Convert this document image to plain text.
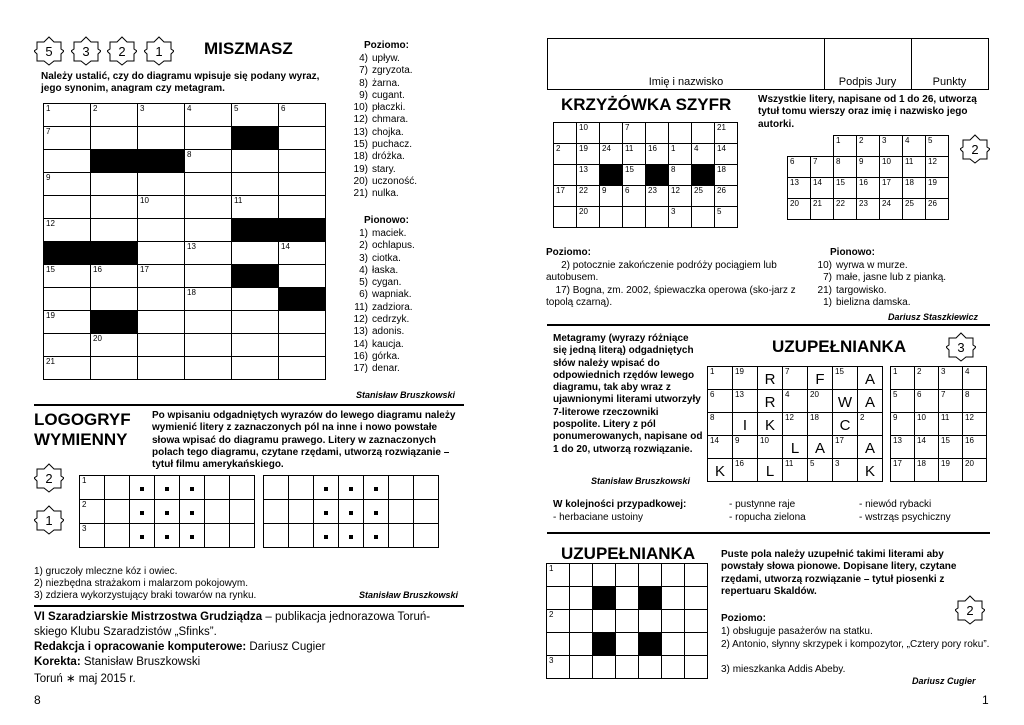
5	3	2	1	MISZMASZ
Należy ustalić, czy do diagramu wpisuje się podany wyraz, jego synonim, anagram czy metagram.
1	2	3	4	5	6

7					

			8		

9					

		10		11	

12					

			13		14

15	16	17			

			18		

19					

	20				

21					

Poziomo:
4) upływ.
7) zgryzota.
8) żarna.
9) cugant.
10) płaczki.
12) chmara.
13) chojka.
15) puchacz.
18) dróżka.
19) stary.
20) uczoność.
21) nulka.
Pionowo:
1) maciek.
2) ochlapus.
3) ciotka.
4) łaska.
5) cygan.
6) wapniak.
11) zadziora.
12) cedrzyk.
13) adonis.
14) kaucja.
16) górka.
17) denar.
Stanisław Bruszkowski
LOGOGRYF
WYMIENNY
Po wpisaniu odgadniętych wyrazów do lewego diagramu należy wymienić litery z zaznaczonych pól na inne i nowo powstałe słowa wpisać do diagramu prawego. Litery w zaznaczonych polach tego diagramu, czytane rzędami, utworzą rozwiązanie – tytuł filmu amerykańskiego.
2
1
1						

2						

3						

1) gruczoły mleczne kóz i owiec.
2) niezbędna strażakom i malarzom pokojowym.
3) zdziera wykorzystujący braki towarów na rynku.	Stanisław Bruszkowski
VI Szaradziarskie Mistrzostwa Grudziądza – publikacja jednorazowa Toruń-
skiego Klubu Szaradzistów „Sfinks”.
Redakcja i opracowanie komputerowe: Dariusz Cugier
Korekta: Stanisław Bruszkowski
Toruń ∗ maj 2015 r.
8
Imię i nazwisko	Podpis Jury	Punkty
KRZYŻÓWKA SZYFR	Wszystkie litery, napisane od 1 do 26, utworzą tytuł tomu wierszy oraz imię i nazwisko jego autorki.
2

	10		7				21

2	19	24	11	16	1	4	14

	13		15		8		18

17	22	9	6	23	12	25	26

	20				3		5

		1	2	3	4	5

6	7	8	9	10	11	12

13	14	15	16	17	18	19

20	21	22	23	24	25	26
Poziomo:
2) potocznie zakończenie podróży pociągiem lub autobusem.
17) Bogna, zm. 2002, śpiewaczka operowa (sko-jarz z topolą czarną).
Pionowo:
10) wyrwa w murze.
7) małe, jasne lub z pianką.
21) targowisko.
1) bielizna damska.
Dariusz Staszkiewicz
Metagramy (wyrazy różniące się jedną literą) odgadniętych słów należy wpisać do odpowiednich rzędów lewego diagramu, tak aby wraz z ujawnionymi literami utworzyły 7-literowe rzeczowniki pospolite. Litery z pól ponumerowanych, napisane od 1 do 20, utworzą rozwiązanie.
Stanisław Bruszkowski
UZUPEŁNIANKA	3
1	19	R	7	F	15	A

6	13	R	4	20	W	A

8	I	K	12	18	C	2

14	9	10	L	A	17	A

K	16	L	11	5	3	K
1	2	3	4

5	6	7	8

9	10	11	12

13	14	15	16

17	18	19	20
W kolejności przypadkowej:
- herbaciane ustoiny
- pustynne raje
- ropucha zielona
- niewód rybacki
- wstrząs psychiczny
UZUPEŁNIANKA	Puste pola należy uzupełnić takimi literami aby powstały słowa pionowe. Dopisane litery, czytane rzędami, utworzą rozwiązanie – tytuł piosenki z repertuaru Skaldów.
1						

2						

3						

2
Poziomo:
1) obsługuje pasażerów na statku.
2) Antonio, słynny skrzypek i kompozytor, „Cztery pory roku”.
3) mieszkanka Addis Abeby.
Dariusz Cugier
1
